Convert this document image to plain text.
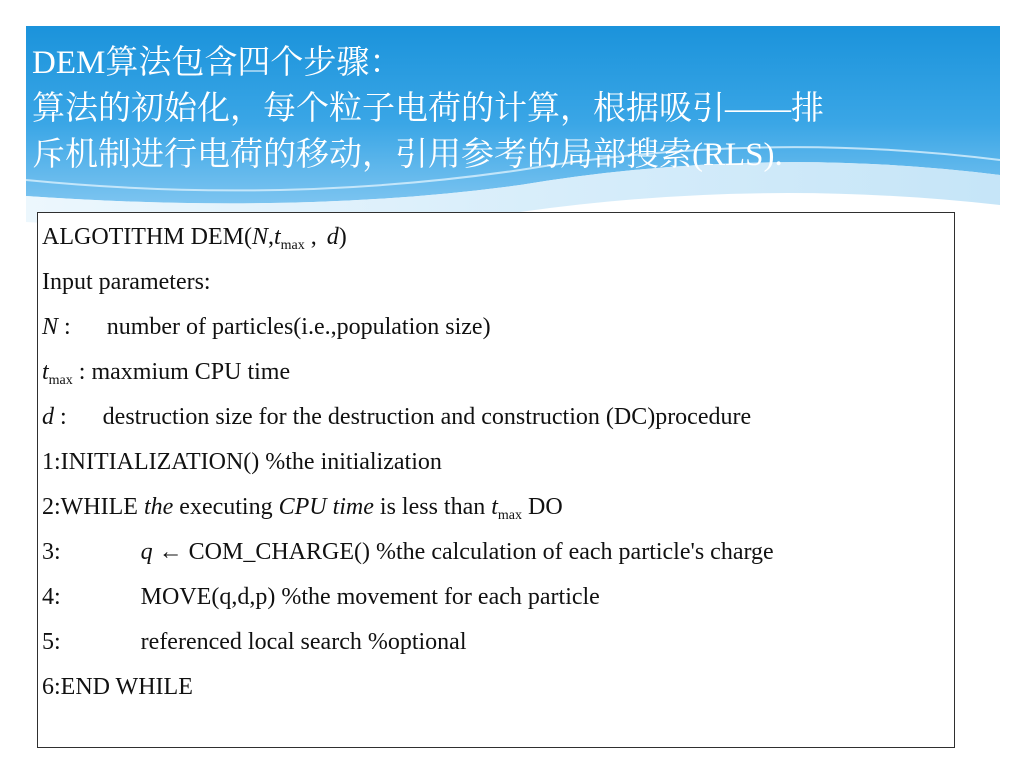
DEM算法包含四个步骤：
算法的初始化，每个粒子电荷的计算，根据吸引——排
斥机制进行电荷的移动，引用参考的局部搜索(RLS).
ALGOTITHM $DEM(N,t_{max}$ , d)
Input parameters:
N : number of particles(i.e.,population size)
$t_{max}$ : maxmium CPU time
d : destruction size for the destruction and construction (DC)procedure
1:INITIALIZATION() %the initialization
2:WHILE the executing CPU time is less than $t_{max}$ DO
3:	q ← COM_CHARGE() %the calculation of each particle's charge
4:	MOVE(q,d,p) %the movement for each particle
5:	referenced local search %optional
6:END WHILE
